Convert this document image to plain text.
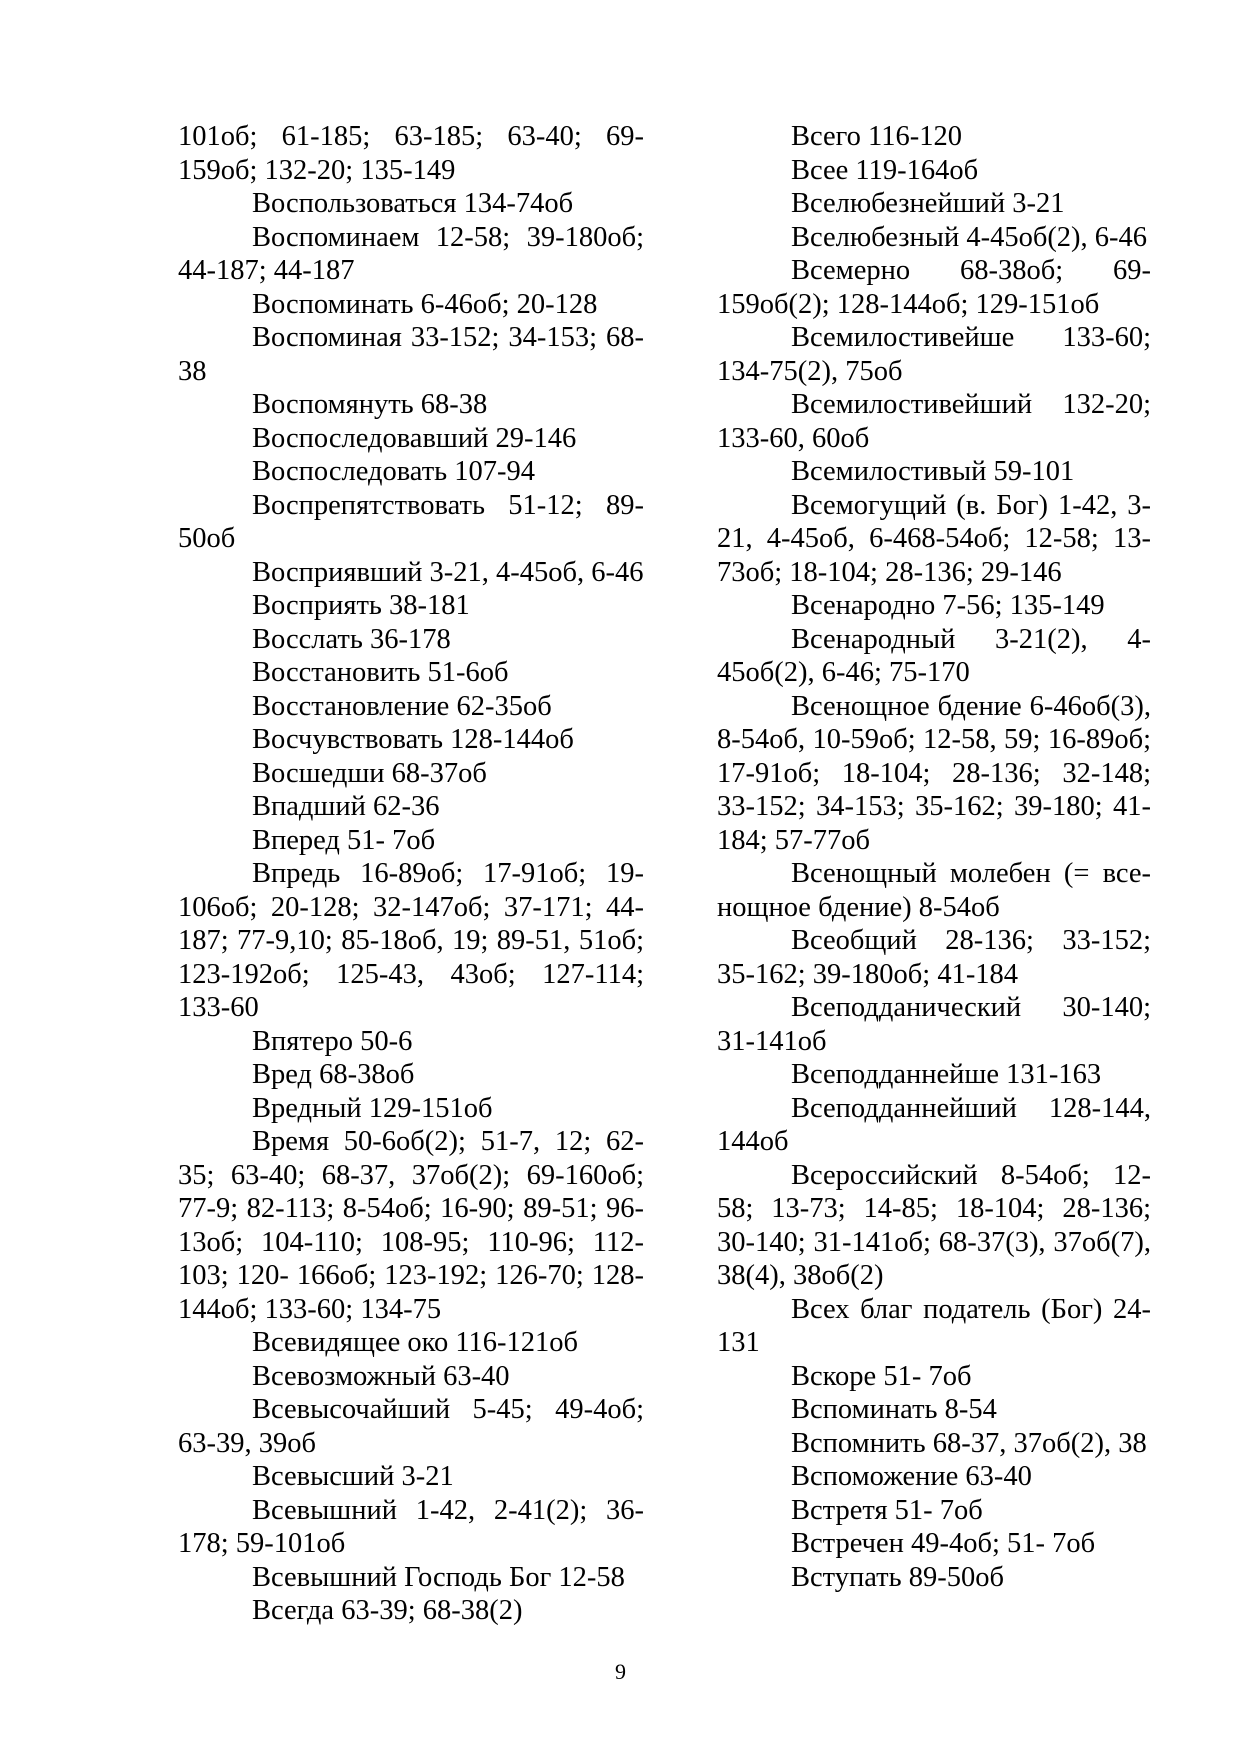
101об; 61-185; 63-185; 63-40; 69-159об; 132-20; 135-149

Воспользоваться 134-74об

Воспоминаем 12-58; 39-180об; 44-187; 44-187

Воспоминать 6-46об; 20-128

Воспоминая 33-152; 34-153; 68-38

Воспомянуть 68-38

Воспоследовавший 29-146

Воспоследовать 107-94

Воспрепятствовать 51-12; 89-50об

Восприявший 3-21, 4-45об, 6-46

Восприять 38-181

Восслать 36-178

Восстановить 51-6об

Восстановление 62-35об

Восчувствовать 128-144об

Восшедши 68-37об

Впадший 62-36

Вперед 51- 7об

Впредь 16-89об; 17-91об; 19-106об; 20-128; 32-147об; 37-171; 44-187; 77-9,10; 85-18об, 19; 89-51, 51об; 123-192об; 125-43, 43об; 127-114; 133-60

Впятеро 50-6

Вред 68-38об

Вредный 129-151об

Время 50-6об(2); 51-7, 12; 62-35; 63-40; 68-37, 37об(2); 69-160об; 77-9; 82-113; 8-54об; 16-90; 89-51; 96-13об; 104-110; 108-95; 110-96; 112-103; 120- 166об; 123-192; 126-70; 128-144об; 133-60; 134-75

Всевидящее око 116-121об

Всевозможный 63-40

Всевысочайший 5-45; 49-4об; 63-39, 39об

Всевысший 3-21

Всевышний 1-42, 2-41(2); 36-178; 59-101об

Всевышний Господь Бог 12-58

Всегда 63-39; 68-38(2)

Всего 116-120

Всее 119-164об

Вселюбезнейший 3-21

Вселюбезный 4-45об(2), 6-46

Всемерно 68-38об; 69-159об(2); 128-144об; 129-151об

Всемилостивейше 133-60; 134-75(2), 75об

Всемилостивейший 132-20; 133-60, 60об

Всемилостивый 59-101

Всемогущий (в. Бог) 1-42, 3-21, 4-45об, 6-468-54об; 12-58; 13-73об; 18-104; 28-136; 29-146

Всенародно 7-56; 135-149

Всенародный 3-21(2), 4-45об(2), 6-46; 75-170

Всенощное бдение 6-46об(3), 8-54об, 10-59об; 12-58, 59; 16-89об; 17-91об; 18-104; 28-136; 32-148; 33-152; 34-153; 35-162; 39-180; 41-184; 57-77об

Всенощный молебен (= все-нощное бдение) 8-54об

Всеобщий 28-136; 33-152; 35-162; 39-180об; 41-184

Всеподданический 30-140; 31-141об

Всеподданнейше 131-163

Всеподданнейший 128-144, 144об

Всероссийский 8-54об; 12-58; 13-73; 14-85; 18-104; 28-136; 30-140; 31-141об; 68-37(3), 37об(7), 38(4), 38об(2)

Всех благ податель (Бог) 24-131

Вскоре 51- 7об

Вспоминать 8-54

Вспомнить 68-37, 37об(2), 38

Вспоможение 63-40

Встретя 51- 7об

Встречен 49-4об; 51- 7об

Вступать 89-50об

9
